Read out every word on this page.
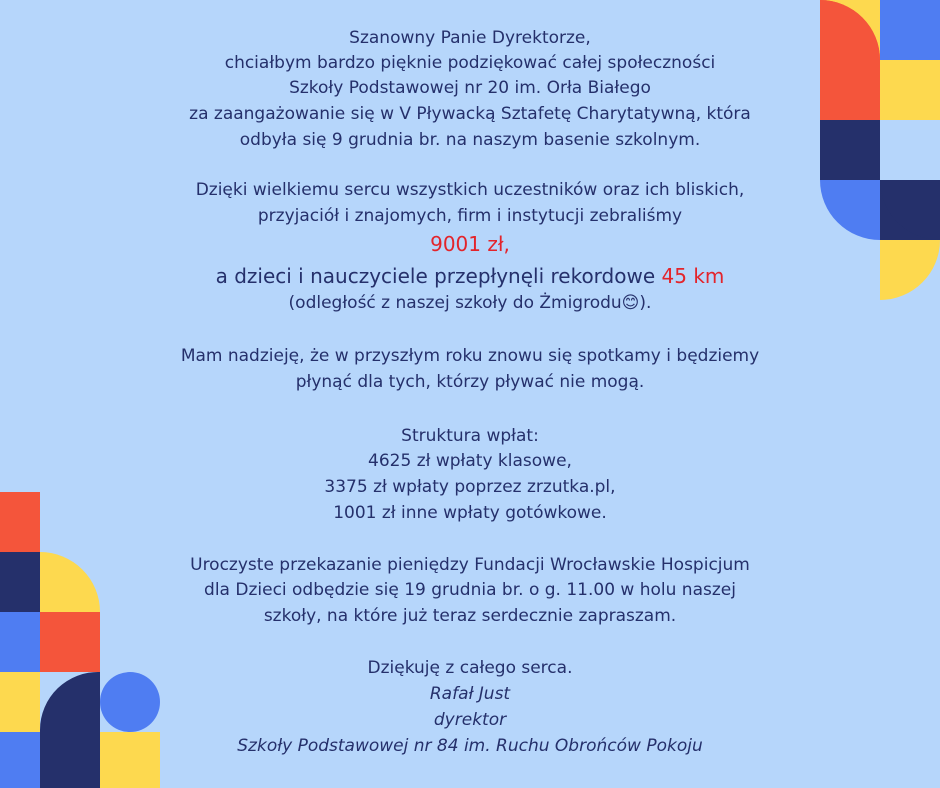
Szanowny Panie Dyrektorze,
chciałbym bardzo pięknie podziękować całej społeczności
Szkoły Podstawowej nr 20 im. Orła Białego
za zaangażowanie się w V Pływacką Sztafetę Charytatywną, która
odbyła się 9 grudnia br. na naszym basenie szkolnym.
Dzięki wielkiemu sercu wszystkich uczestników oraz ich bliskich,
przyjaciół i znajomych, firm i instytucji zebraliśmy
9001 zł,
a dzieci i nauczyciele przepłynęli rekordowe 45 km
(odległość z naszej szkoły do Żmigrodu😊).
Mam nadzieję, że w przyszłym roku znowu się spotkamy i będziemy
płynąć dla tych, którzy pływać nie mogą.
Struktura wpłat:
4625 zł wpłaty klasowe,
3375 zł wpłaty poprzez zrzutka.pl,
1001 zł inne wpłaty gotówkowe.
Uroczyste przekazanie pieniędzy Fundacji Wrocławskie Hospicjum
dla Dzieci odbędzie się 19 grudnia br. o g. 11.00 w holu naszej
szkoły, na które już teraz serdecznie zapraszam.
Dziękuję z całego serca.
Rafał Just
dyrektor
Szkoły Podstawowej nr 84 im. Ruchu Obrońców Pokoju
